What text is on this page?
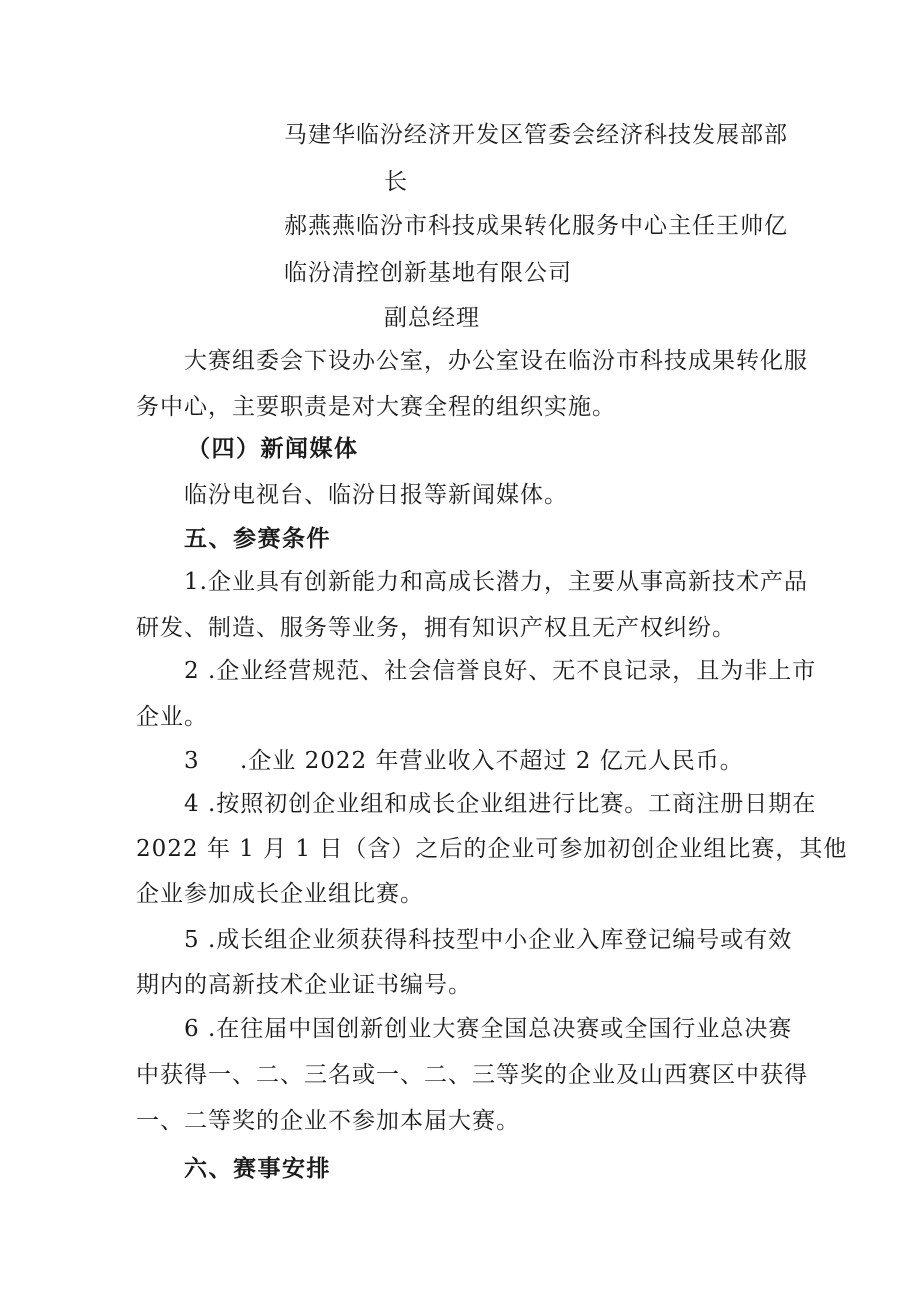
马建华临汾经济开发区管委会经济科技发展部部
长
郝燕燕临汾市科技成果转化服务中心主任王帅亿
临汾清控创新基地有限公司
副总经理
大赛组委会下设办公室，办公室设在临汾市科技成果转化服
务中心，主要职责是对大赛全程的组织实施。
（四）新闻媒体
临汾电视台、临汾日报等新闻媒体。
五、参赛条件
1.企业具有创新能力和高成长潜力，主要从事高新技术产品
研发、制造、服务等业务，拥有知识产权且无产权纠纷。
2 .企业经营规范、社会信誉良好、无不良记录，且为非上市
企业。
3 .企业 2022 年营业收入不超过 2 亿元人民币。
4 .按照初创企业组和成长企业组进行比赛。工商注册日期在
2022 年 1 月 1 日（含）之后的企业可参加初创企业组比赛，其他
企业参加成长企业组比赛。
5 .成长组企业须获得科技型中小企业入库登记编号或有效
期内的高新技术企业证书编号。
6 .在往届中国创新创业大赛全国总决赛或全国行业总决赛
中获得一、二、三名或一、二、三等奖的企业及山西赛区中获得
一、二等奖的企业不参加本届大赛。
六、赛事安排
